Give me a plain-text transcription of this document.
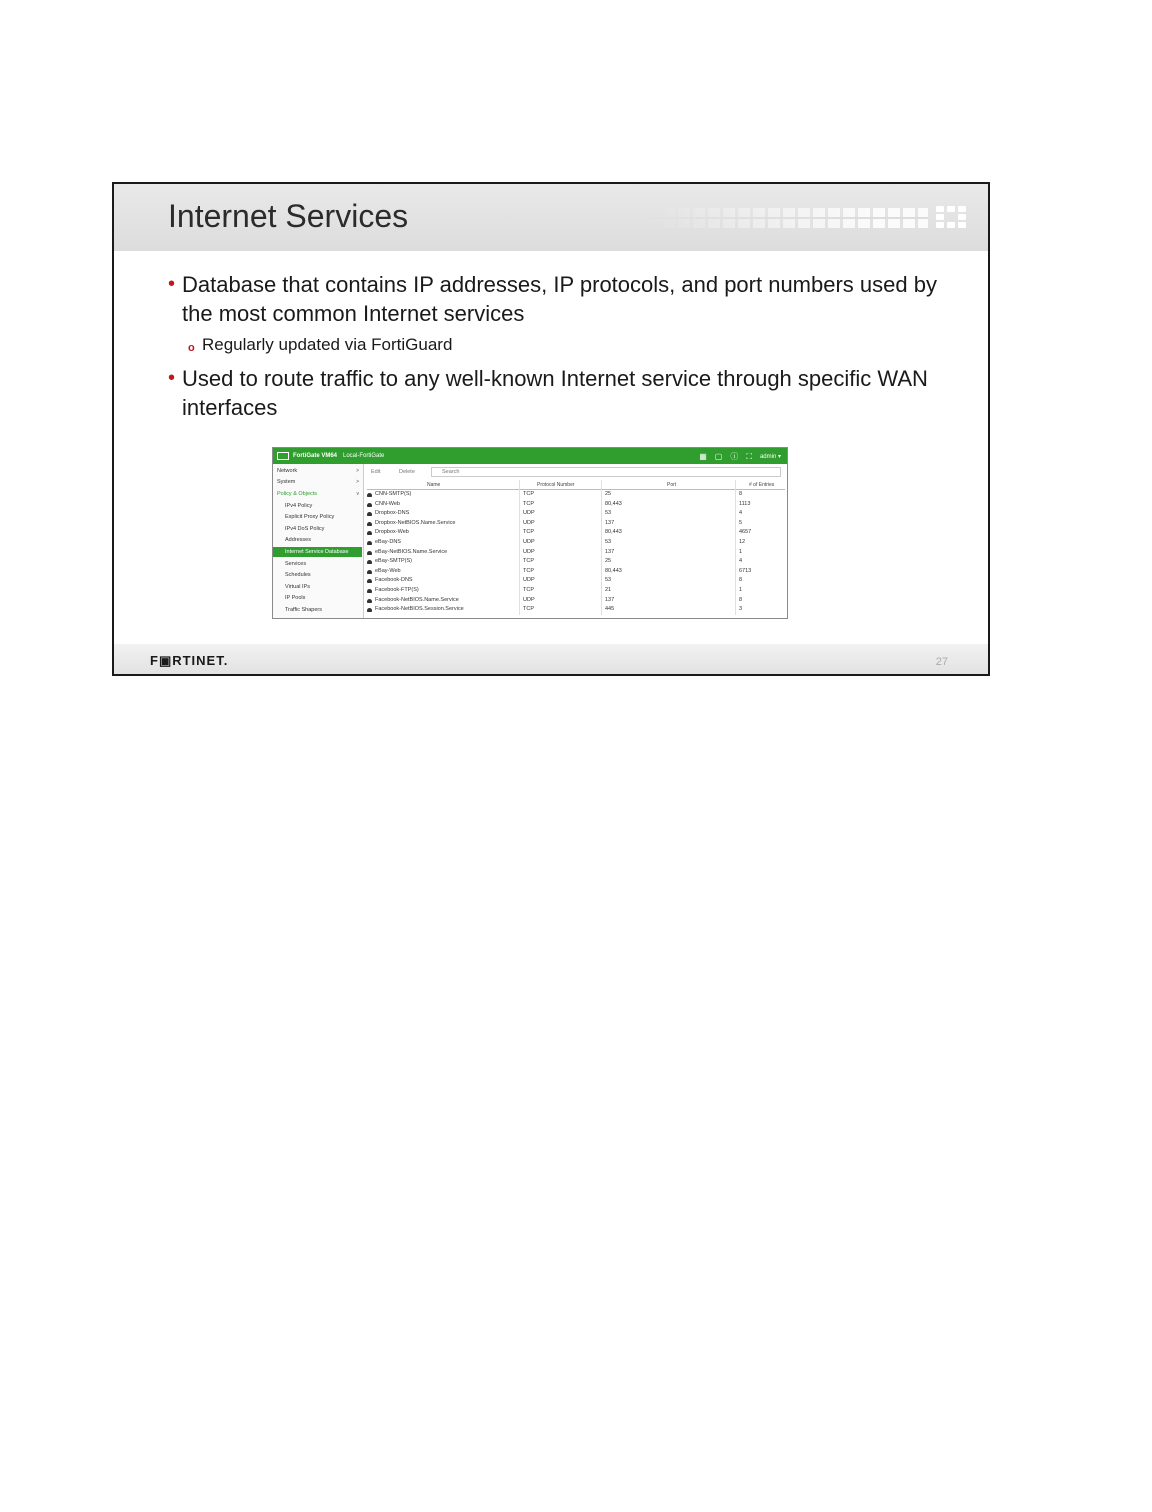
Internet Services
• Database that contains IP addresses, IP protocols, and port numbers used by the most common Internet services
o Regularly updated via FortiGuard
• Used to route traffic to any well-known Internet service through specific WAN interfaces
FortiGate VM64 Local-FortiGate	▦ ▢ ⓘ ⛶ admin ▾
Network	>
System	>
Policy & Objects	v
IPv4 Policy
Explicit Proxy Policy
IPv4 DoS Policy
Addresses
Internet Service Database
Services
Schedules
Virtual IPs
IP Pools
Traffic Shapers
Edit	Delete	Search
Name	Protocol Number	Port	# of Entries
CNN-SMTP(S)	TCP	25	8
CNN-Web	TCP	80,443	1113
Dropbox-DNS	UDP	53	4
Dropbox-NetBIOS.Name.Service	UDP	137	5
Dropbox-Web	TCP	80,443	4657
eBay-DNS	UDP	53	12
eBay-NetBIOS.Name.Service	UDP	137	1
eBay-SMTP(S)	TCP	25	4
eBay-Web	TCP	80,443	6713
Facebook-DNS	UDP	53	8
Facebook-FTP(S)	TCP	21	1
Facebook-NetBIOS.Name.Service	UDP	137	8
Facebook-NetBIOS.Session.Service	TCP	445	3
F▣RTINET.	27
